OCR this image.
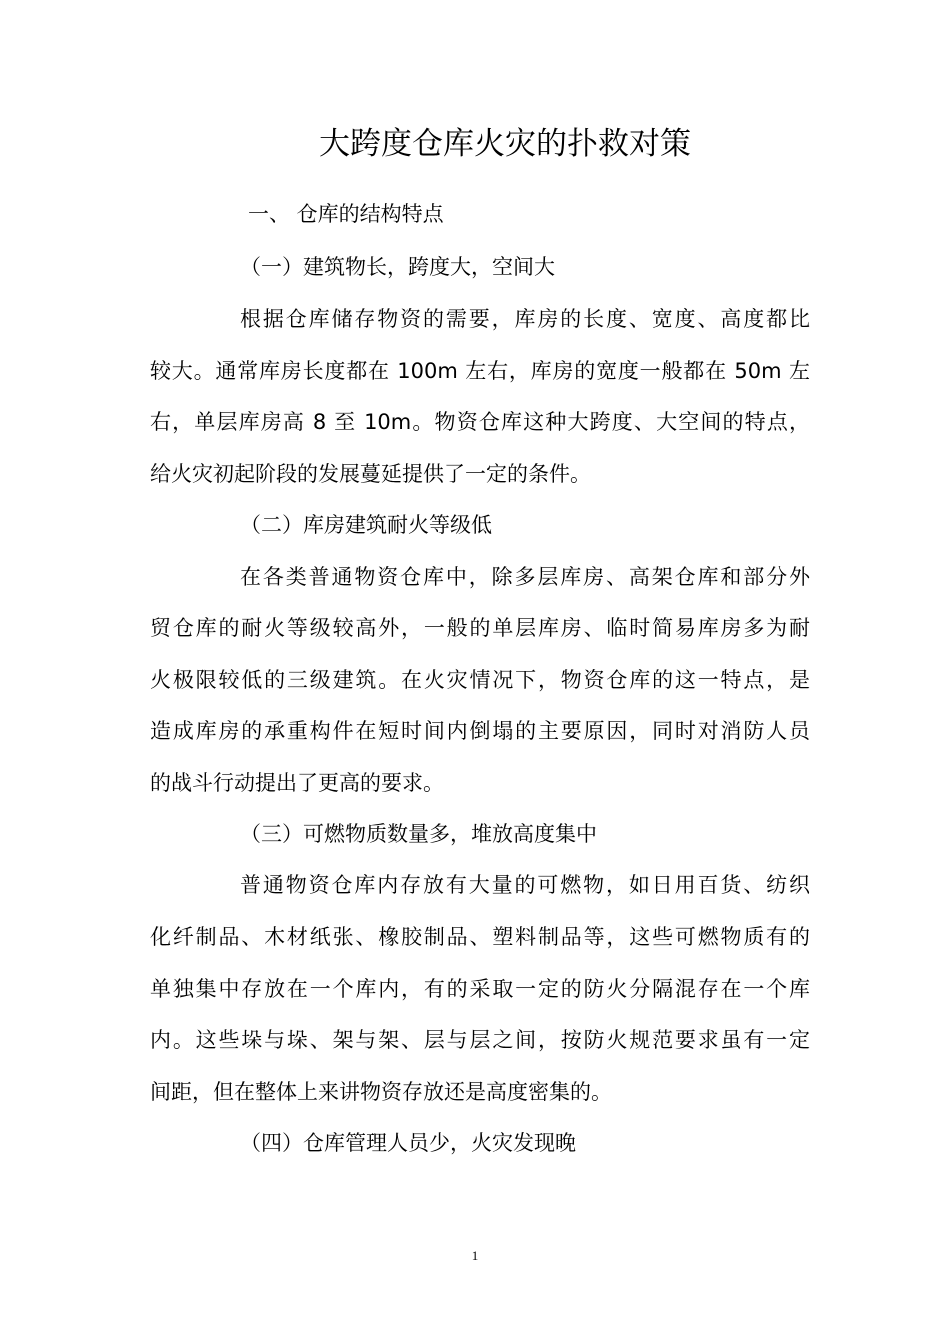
大跨度仓库火灾的扑救对策
一、 仓库的结构特点
（一）建筑物长，跨度大，空间大
根据仓库储存物资的需要，库房的长度、宽度、高度都比
较大。通常库房长度都在 100m 左右，库房的宽度一般都在 50m 左
右，单层库房高 8 至 10m。物资仓库这种大跨度、大空间的特点，
给火灾初起阶段的发展蔓延提供了一定的条件。
（二）库房建筑耐火等级低
在各类普通物资仓库中，除多层库房、高架仓库和部分外
贸仓库的耐火等级较高外，一般的单层库房、临时简易库房多为耐
火极限较低的三级建筑。在火灾情况下，物资仓库的这一特点，是
造成库房的承重构件在短时间内倒塌的主要原因，同时对消防人员
的战斗行动提出了更高的要求。
（三）可燃物质数量多，堆放高度集中
普通物资仓库内存放有大量的可燃物，如日用百货、纺织
化纤制品、木材纸张、橡胶制品、塑料制品等，这些可燃物质有的
单独集中存放在一个库内，有的采取一定的防火分隔混存在一个库
内。这些垛与垛、架与架、层与层之间，按防火规范要求虽有一定
间距，但在整体上来讲物资存放还是高度密集的。
（四）仓库管理人员少，火灾发现晚
1
